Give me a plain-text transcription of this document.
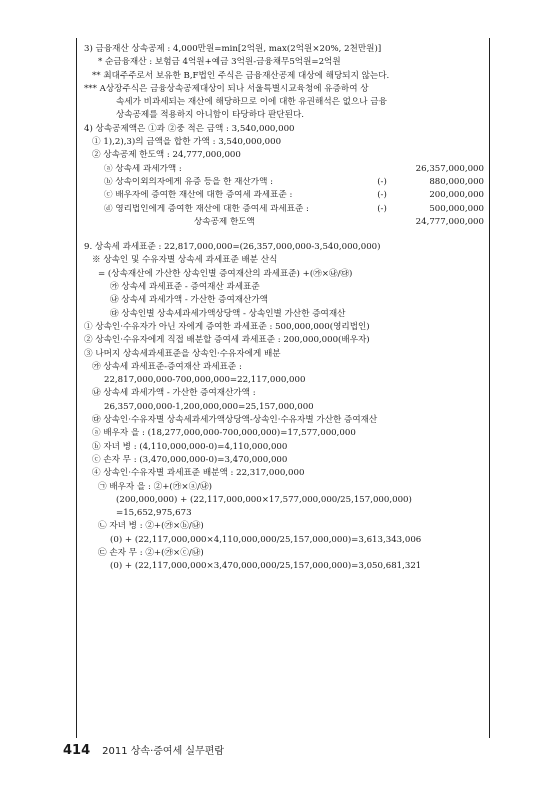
3) 금융재산 상속공제 : 4,000만원=min[2억원, max(2억원×20%, 2천만원)]
* 순금융재산 : 보험금 4억원+예금 3억원-금융채무5억원=2억원
** 최대주주로서 보유한 B,F법인 주식은 금융재산공제 대상에 해당되지 않는다.
*** A상장주식은 금융상속공제대상이 되나 서울특별시교육청에 유증하여 상
속세가 비과세되는 재산에 해당하므로 이에 대한 유권해석은 없으나 금융
상속공제를 적용하지 아니함이 타당하다 판단된다.
4) 상속공제액은 ①과 ②중 적은 금액 : 3,540,000,000
① 1),2),3)의 금액을 합한 가액 : 3,540,000,000
② 상속공제 한도액 : 24,777,000,000
ⓐ 상속세 과세가액 :	26,357,000,000
ⓑ 상속이외의자에게 유증 등을 한 재산가액 :	(-)	880,000,000
ⓒ 배우자에 증여한 재산에 대한 증여세 과세표준 :	(-)	200,000,000
ⓓ 영리법인에게 증여한 재산에 대한 증여세 과세표준 :	(-)	500,000,000
상속공제 한도액	24,777,000,000
9. 상속세 과세표준 : 22,817,000,000=(26,357,000,000-3,540,000,000)
※ 상속인 및 수유자별 상속세 과세표준 배분 산식
= (상속재산에 가산한 상속인별 증여재산의 과세표준) +(㉮×㉯/㉰)
㉮ 상속세 과세표준 - 증여재산 과세표준
㉯ 상속세 과세가액 - 가산한 증여재산가액
㉰ 상속인별 상속세과세가액상당액 - 상속인별 가산한 증여재산
① 상속인·수유자가 아닌 자에게 증여한 과세표준 : 500,000,000(영리법인)
② 상속인·수유자에게 직접 배분할 증여세 과세표준 : 200,000,000(배우자)
③ 나머지 상속세과세표준을 상속인·수유자에게 배분
㉮ 상속세 과세표준-증여재산 과세표준 :
22,817,000,000-700,000,000=22,117,000,000
㉯ 상속세 과세가액 - 가산한 증여재산가액 :
26,357,000,000-1,200,000,000=25,157,000,000
㉰ 상속인·수유자별 상속세과세가액상당액-상속인·수유자별 가산한 증여재산
ⓐ 배우자 을 : (18,277,000,000-700,000,000)=17,577,000,000
ⓑ 자녀 병 : (4,110,000,000-0)=4,110,000,000
ⓒ 손자 무 : (3,470,000,000-0)=3,470,000,000
④ 상속인·수유자별 과세표준 배분액 : 22,317,000,000
㉠ 배우자 을 : ②+(㉮×ⓐ/㉯)
(200,000,000) + (22,117,000,000×17,577,000,000/25,157,000,000)
=15,652,975,673
㉡ 자녀 병 : ②+(㉮×ⓑ/㉯)
(0) + (22,117,000,000×4,110,000,000/25,157,000,000)=3,613,343,006
㉢ 손자 무 : ②+(㉮×ⓒ/㉯)
(0) + (22,117,000,000×3,470,000,000/25,157,000,000)=3,050,681,321
414 2011 상속·증여세 실무편람
